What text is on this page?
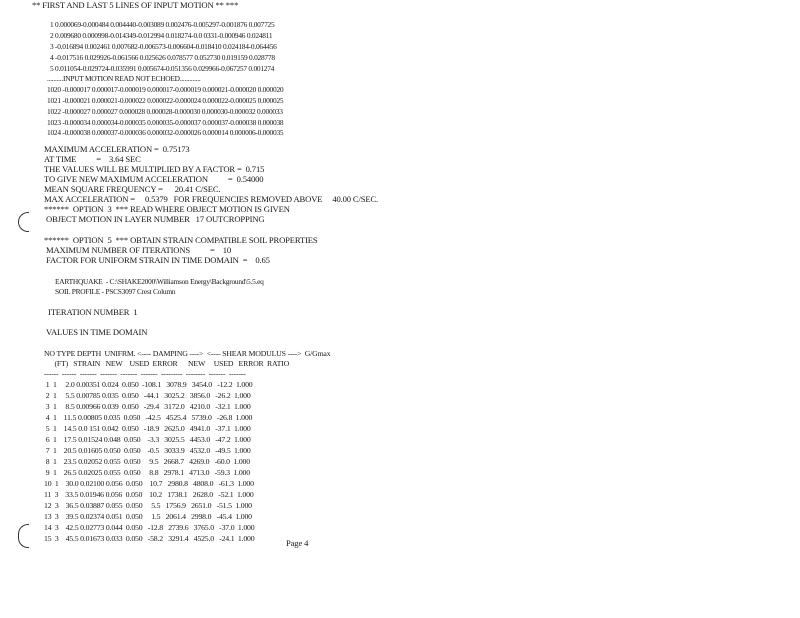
** FIRST AND LAST 5 LINES OF INPUT MOTION ** ***
1 0.000069-0.000484 0.004440-0.003089 0.002476-0.005297-0.001876 0.007725
2 0.009680 0.000998-0.014349-0.012994 0.018274-0.0 0331-0.000946 0.024811
3 -0.016894 0.002461 0.007682-0.006573-0.006604-0.018410 0.024184-0.064456
4 -0.017516 0.029926-0.061566 0.025626 0.078577 0.052730 0.019159 0.028778
5 0.011054-0.029724-0.035991 0.005674-0.051356 0.029966-0.067257 0.001274
..........INPUT MOTION READ NOT ECHOED.............
1020 -0.000017 0.000017-0.000019 0.000017-0.000019 0.000021-0.000020 0.000020
1021 -0.000021 0.000021-0.000022 0.000022-0.000024 0.000022-0.000025 0.000025
1022 -0.000027 0.000027 0.000028 0.000028-0.000030 0.000030-0.000032 0.000033
1023 -0.000034 0.000034-0.000035 0.000035-0.000037 0.000037-0.000038 0.000038
1024 -0.000038 0.000037-0.000036 0.000032-0.000026 0.000014 0.000006-0.000035
MAXIMUM ACCELERATION =  0.75173
AT TIME          =    3.64 SEC
THE VALUES WILL BE MULTIPLIED BY A FACTOR =  0.715
TO GIVE NEW MAXIMUM ACCELERATION          =  0.54000
MEAN SQUARE FREQUENCY =      20.41 C/SEC.
MAX ACCELERATION =     0.5379   FOR FREQUENCIES REMOVED ABOVE     40.00 C/SEC.
******  OPTION  3  *** READ WHERE OBJECT MOTION IS GIVEN
OBJECT MOTION IN LAYER NUMBER   17 OUTCROPPING
******  OPTION  5  *** OBTAIN STRAIN COMPATIBLE SOIL PROPERTIES
MAXIMUM NUMBER OF ITERATIONS          =    10
FACTOR FOR UNIFORM STRAIN IN TIME DOMAIN  =    0.65
EARTHQUAKE  - C:\SHAKE2000\Williamson Energy\Background\5.5.eq
SOIL PROFILE - PSCS3097 Crest Column
ITERATION NUMBER  1
VALUES IN TIME DOMAIN
NO TYPE DEPTH  UNIFRM. <---- DAMPING ---->  <---- SHEAR MODULUS ---->  G/Gmax
(FT)   STRAIN   NEW    USED  ERROR      NEW     USED   ERROR  RATIO
------  ------  -------  -------  -------  -------  ---------  --------  -------  -------
1  1     2.0 0.00351 0.024  0.050  -108.1   3078.9   3454.0   -12.2  1.000
2  1     5.5 0.00785 0.035  0.050   -44.1   3025.2   3856.0   -26.2  1.000
3  1     8.5 0.00966 0.039  0.050   -29.4   3172.0   4210.0   -32.1  1.000
4  1    11.5 0.00805 0.035  0.050   -42.5   4525.4   5739.0   -26.8  1.000
5  1    14.5 0.0 151 0.042  0.050   -18.9   2625.0   4941.0   -37.1  1.000
6  1    17.5 0.01524 0.048  0.050    -3.3   3025.5   4453.0   -47.2  1.000
7  1    20.5 0.01605 0.050  0.050    -0.5   3033.9   4532.0   -49.5  1.000
8  1    23.5 0.02052 0.055  0.050     9.5   2668.7   4269.0   -60.0  1.000
9  1    26.5 0.02025 0.055  0.050     8.8   2978.1   4713.0   -59.3  1.000
10  1    30.0 0.02100 0.056  0.050    10.7   2980.8   4808.0   -61.3  1.000
11  3    33.5 0.01946 0.056  0.050    10.2   1738.1   2628.0   -52.1  1.000
12  3    36.5 0.03887 0.055  0.050     5.5   1756.9   2651.0   -51.5  1.000
13  3    39.5 0.02374 0.051  0.050     1.5   2061.4   2998.0   -45.4  1.000
14  3    42.5 0.02773 0.044  0.050   -12.8   2739.6   3765.0   -37.0  1.000
15  3    45.5 0.01673 0.033  0.050   -58.2   3291.4   4525.0   -24.1  1.000	Page 4
